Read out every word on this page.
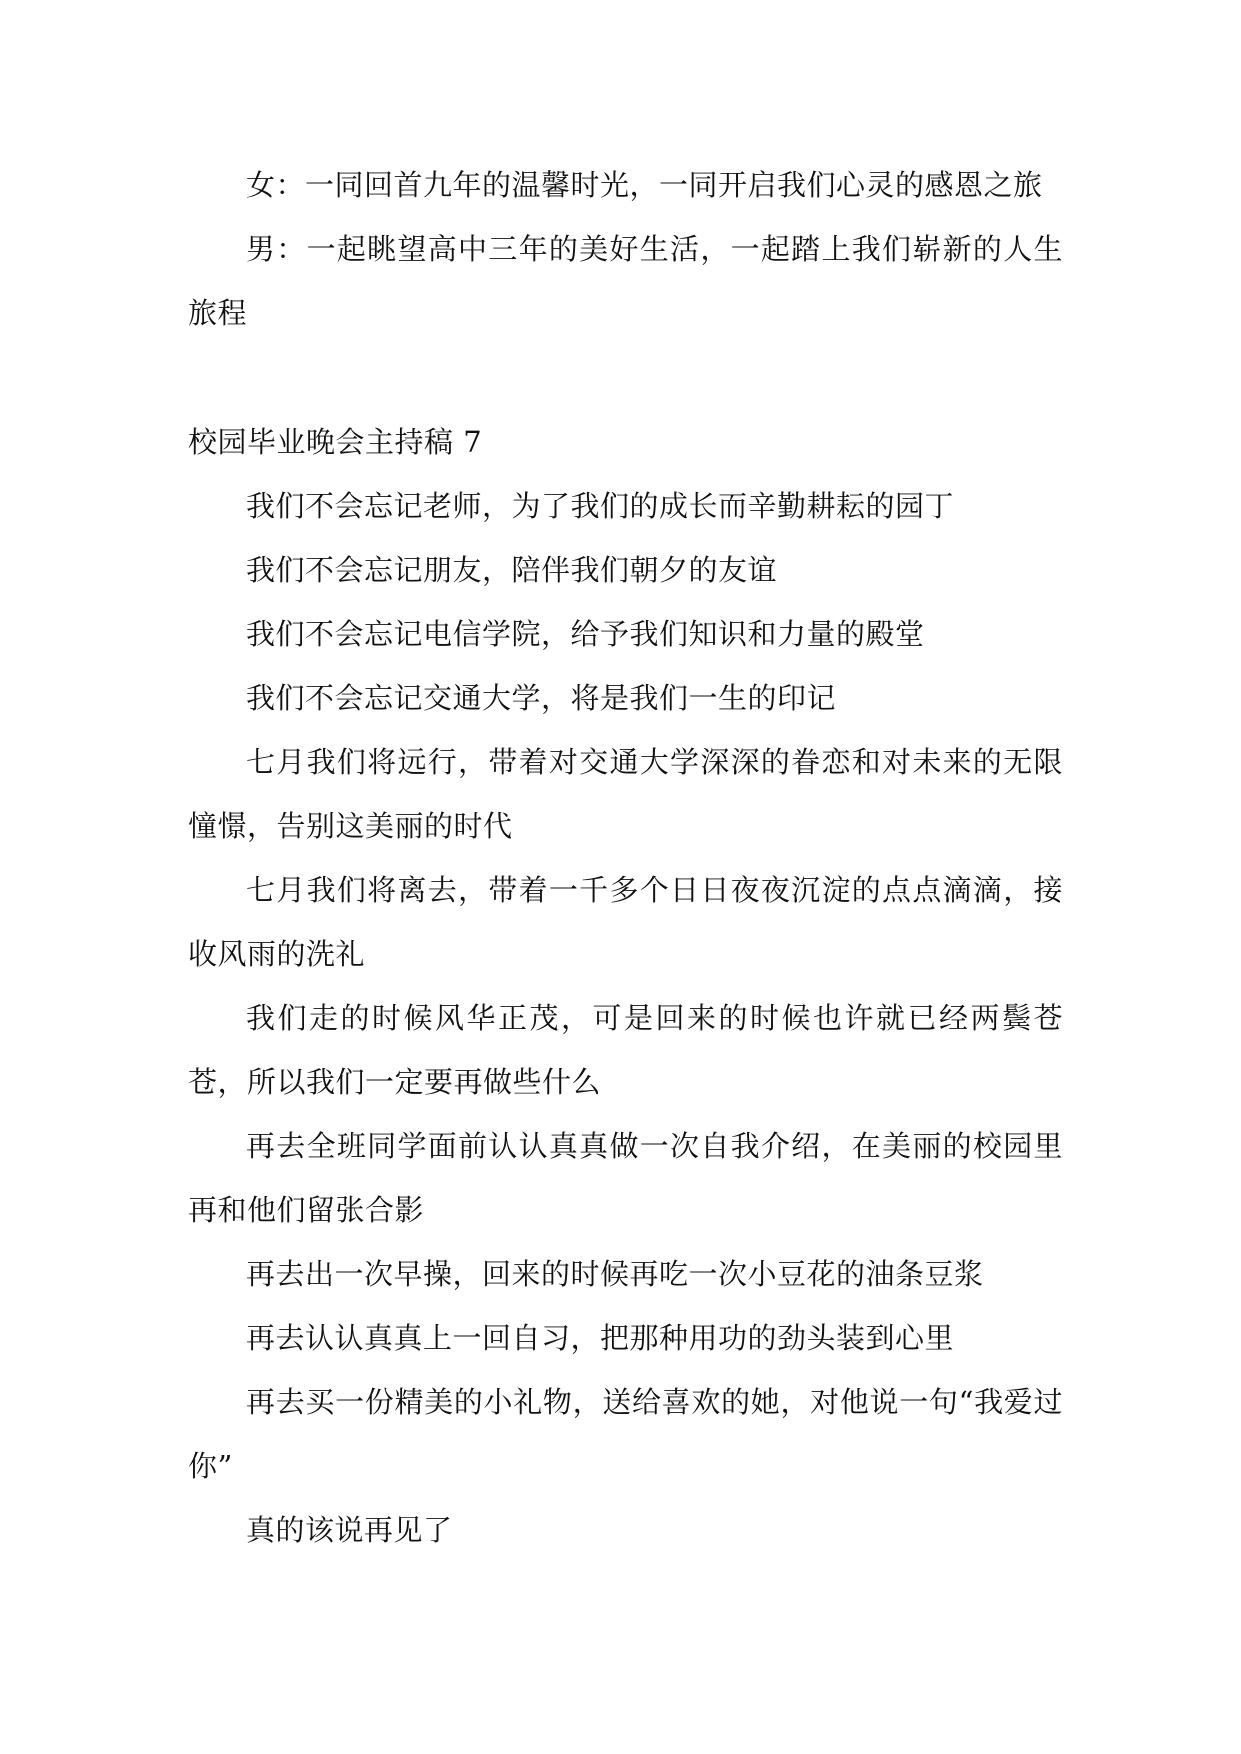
女：一同回首九年的温馨时光，一同开启我们心灵的感恩之旅

男：一起眺望高中三年的美好生活，一起踏上我们崭新的人生旅程

校园毕业晚会主持稿 7

我们不会忘记老师，为了我们的成长而辛勤耕耘的园丁

我们不会忘记朋友，陪伴我们朝夕的友谊

我们不会忘记电信学院，给予我们知识和力量的殿堂

我们不会忘记交通大学，将是我们一生的印记

七月我们将远行，带着对交通大学深深的眷恋和对未来的无限憧憬，告别这美丽的时代

七月我们将离去，带着一千多个日日夜夜沉淀的点点滴滴，接收风雨的洗礼

我们走的时候风华正茂，可是回来的时候也许就已经两鬓苍苍，所以我们一定要再做些什么

再去全班同学面前认认真真做一次自我介绍，在美丽的校园里再和他们留张合影

再去出一次早操，回来的时候再吃一次小豆花的油条豆浆

再去认认真真上一回自习，把那种用功的劲头装到心里

再去买一份精美的小礼物，送给喜欢的她，对他说一句“我爱过你”

真的该说再见了
